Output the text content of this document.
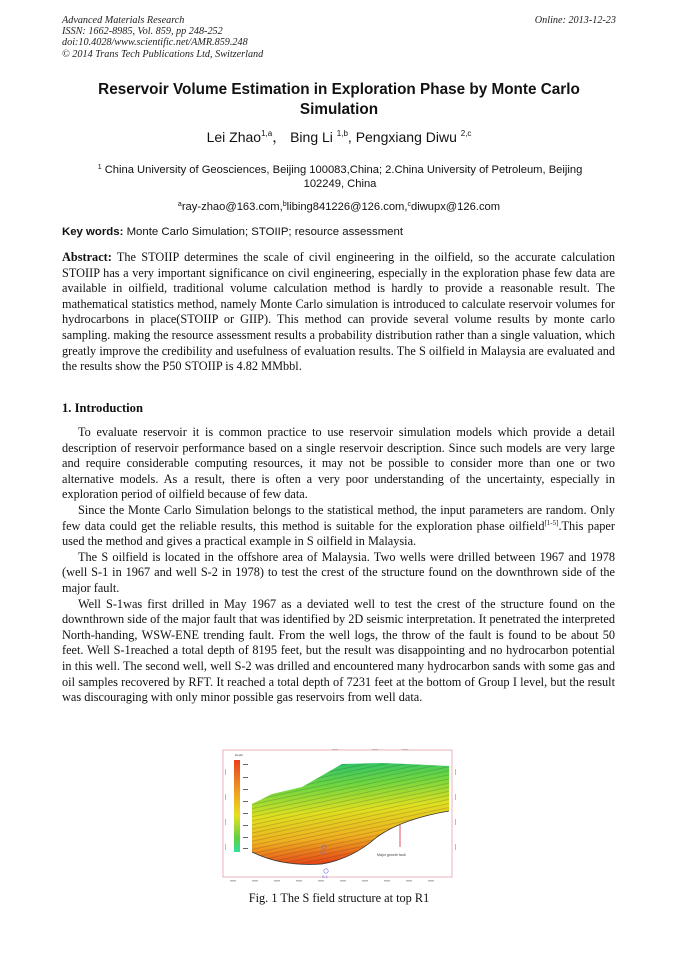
Advanced Materials Research
ISSN: 1662-8985, Vol. 859, pp 248-252
doi:10.4028/www.scientific.net/AMR.859.248
© 2014 Trans Tech Publications Ltd, Switzerland
Online: 2013-12-23
Reservoir Volume Estimation in Exploration Phase by Monte Carlo Simulation
Lei Zhao$^{1,a}$， Bing Li $^{1,b}$, Pengxiang Diwu $^{2,c}$
$^1$ China University of Geosciences, Beijing 100083,China; 2.China University of Petroleum, Beijing 102249, China
$^a$ray-zhao@163.com,$^b$libing841226@126.com,$^c$diwupx@126.com
Key words: Monte Carlo Simulation; STOIIP; resource assessment

Abstract: The STOIIP determines the scale of civil engineering in the oilfield, so the accurate calculation STOIIP has a very important significance on civil engineering, especially in the exploration phase few data are available in oilfield, traditional volume calculation method is hardly to provide a reasonable result. The mathematical statistics method, namely Monte Carlo simulation is introduced to calculate reservoir volumes for hydrocarbons in place(STOIIP or GIIP). This method can provide several volume results by monte carlo sampling. making the resource assessment results a probability distribution rather than a single valuation, which greatly improve the credibility and usefulness of evaluation results. The S oilfield in Malaysia are evaluated and the results show the P50 STOIIP is 4.82 MMbbl.

1. Introduction

To evaluate reservoir it is common practice to use reservoir simulation models which provide a detail description of reservoir performance based on a single reservoir description. Since such models are very large and require considerable computing resources, it may not be possible to consider more than one or two alternative models. As a result, there is often a very poor understanding of the uncertainty, especially in exploration period of oilfield because of few data.

Since the Monte Carlo Simulation belongs to the statistical method, the input parameters are random. Only few data could get the reliable results, this method is suitable for the exploration phase oilfield[1-5].This paper used the method and gives a practical example in S oilfield in Malaysia.

The S oilfield is located in the offshore area of Malaysia. Two wells were drilled between 1967 and 1978 (well S-1 in 1967 and well S-2 in 1978) to test the crest of the structure found on the downthrown side of the major fault.

Well S-1was first drilled in May 1967 as a deviated well to test the crest of the structure found on the downthrown side of the major fault that was identified by 2D seismic interpretation. It penetrated the interpreted North-handing, WSW-ENE trending fault. From the well logs, the throw of the fault is found to be about 50 feet. Well S-1reached a total depth of 8195 feet, but the result was disappointing and no hydrocarbon potential in this well. The second well, well S-2 was drilled and encountered many hydrocarbon sands with some gas and oil samples recovered by RFT. It reached a total depth of 7231 feet at the bottom of Group I level, but the result was discouraging with only minor possible gas reservoirs from well data.

Depth
Major growth fault
S-2
S-1
Fig. 1 The S field structure at top R1
